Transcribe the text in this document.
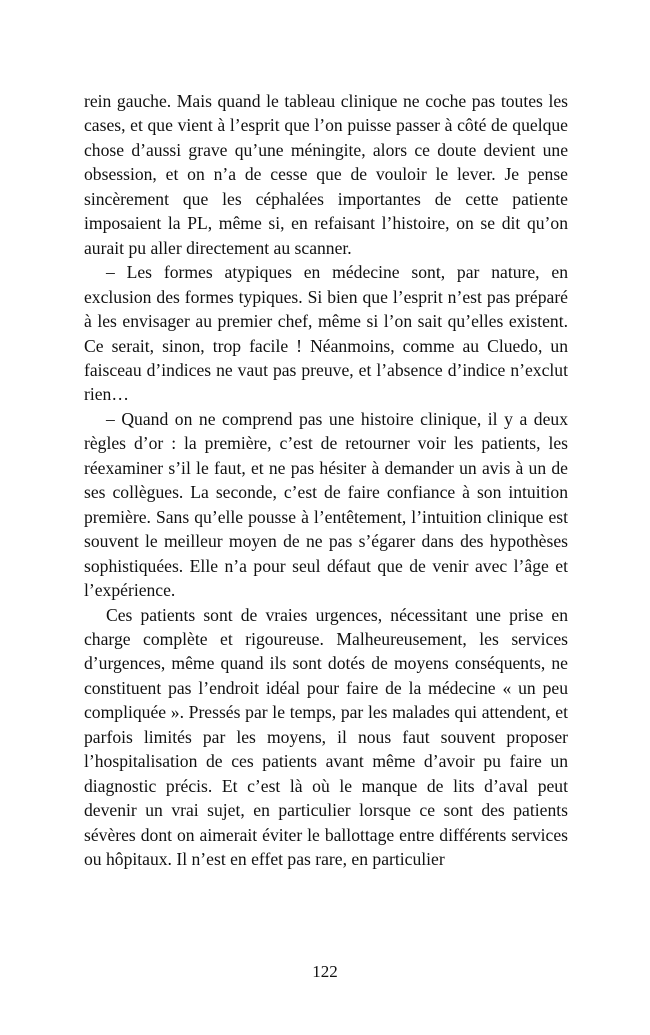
rein gauche. Mais quand le tableau clinique ne coche pas toutes les cases, et que vient à l’esprit que l’on puisse passer à côté de quelque chose d’aussi grave qu’une méningite, alors ce doute devient une obsession, et on n’a de cesse que de vouloir le lever. Je pense sincèrement que les céphalées importantes de cette patiente imposaient la PL, même si, en refaisant l’histoire, on se dit qu’on aurait pu aller directement au scanner.

– Les formes atypiques en médecine sont, par nature, en exclusion des formes typiques. Si bien que l’esprit n’est pas préparé à les envisager au premier chef, même si l’on sait qu’elles existent. Ce serait, sinon, trop facile ! Néanmoins, comme au Cluedo, un faisceau d’indices ne vaut pas preuve, et l’absence d’indice n’exclut rien…

– Quand on ne comprend pas une histoire clinique, il y a deux règles d’or : la première, c’est de retourner voir les patients, les réexaminer s’il le faut, et ne pas hésiter à demander un avis à un de ses collègues. La seconde, c’est de faire confiance à son intuition première. Sans qu’elle pousse à l’entêtement, l’intuition clinique est souvent le meilleur moyen de ne pas s’égarer dans des hypothèses sophistiquées. Elle n’a pour seul défaut que de venir avec l’âge et l’expérience.

Ces patients sont de vraies urgences, nécessitant une prise en charge complète et rigoureuse. Malheureusement, les services d’urgences, même quand ils sont dotés de moyens conséquents, ne constituent pas l’endroit idéal pour faire de la médecine « un peu compliquée ». Pressés par le temps, par les malades qui attendent, et parfois limités par les moyens, il nous faut souvent proposer l’hospitalisation de ces patients avant même d’avoir pu faire un diagnostic précis. Et c’est là où le manque de lits d’aval peut devenir un vrai sujet, en particulier lorsque ce sont des patients sévères dont on aimerait éviter le ballottage entre différents services ou hôpitaux. Il n’est en effet pas rare, en particulier

122
